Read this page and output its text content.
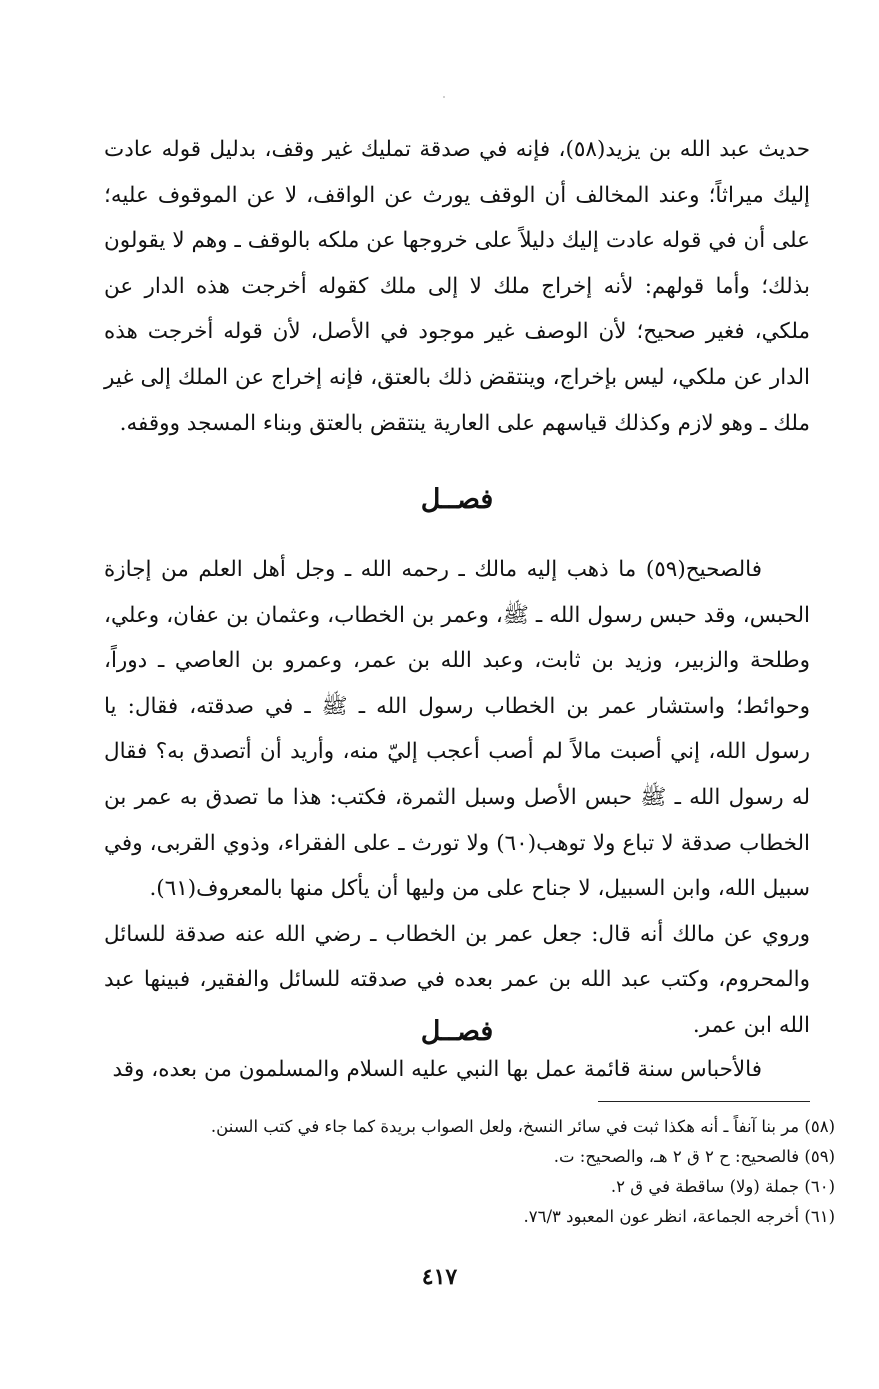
حديث عبد الله بن يزيد(٥٨)، فإنه في صدقة تمليك غير وقف، بدليل قوله عادت إليك ميراثاً؛ وعند المخالف أن الوقف يورث عن الواقف، لا عن الموقوف عليه؛ على أن في قوله عادت إليك دليلاً على خروجها عن ملكه بالوقف ـ وهم لا يقولون بذلك؛ وأما قولهم: لأنه إخراج ملك لا إلى ملك كقوله أخرجت هذه الدار عن ملكي، فغير صحيح؛ لأن الوصف غير موجود في الأصل، لأن قوله أخرجت هذه الدار عن ملكي، ليس بإخراج، وينتقض ذلك بالعتق، فإنه إخراج عن الملك إلى غير ملك ـ وهو لازم وكذلك قياسهم على العارية ينتقض بالعتق وبناء المسجد ووقفه.

فصــل

فالصحيح(٥٩) ما ذهب إليه مالك ـ رحمه الله ـ وجل أهل العلم من إجازة الحبس، وقد حبس رسول الله ـ ﷺ، وعمر بن الخطاب، وعثمان بن عفان، وعلي، وطلحة والزبير، وزيد بن ثابت، وعبد الله بن عمر، وعمرو بن العاصي ـ دوراً، وحوائط؛ واستشار عمر بن الخطاب رسول الله ـ ﷺ ـ في صدقته، فقال: يا رسول الله، إني أصبت مالاً لم أصب أعجب إليّ منه، وأريد أن أتصدق به؟ فقال له رسول الله ـ ﷺ حبس الأصل وسبل الثمرة، فكتب: هذا ما تصدق به عمر بن الخطاب صدقة لا تباع ولا توهب(٦٠) ولا تورث ـ على الفقراء، وذوي القربى، وفي سبيل الله، وابن السبيل، لا جناح على من وليها أن يأكل منها بالمعروف(٦١).

وروي عن مالك أنه قال: جعل عمر بن الخطاب ـ رضي الله عنه صدقة للسائل والمحروم، وكتب عبد الله بن عمر بعده في صدقته للسائل والفقير، فبينها عبد الله ابن عمر.

فصــل

فالأحباس سنة قائمة عمل بها النبي عليه السلام والمسلمون من بعده، وقد

(٥٨) مر بنا آنفاً ـ أنه هكذا ثبت في سائر النسخ، ولعل الصواب بريدة كما جاء في كتب السنن.
(٥٩) فالصحيح: ح ٢ ق ٢ هـ، والصحيح: ت.
(٦٠) جملة (ولا) ساقطة في ق ٢.
(٦١) أخرجه الجماعة، انظر عون المعبود ٧٦/٣.
٤١٧
